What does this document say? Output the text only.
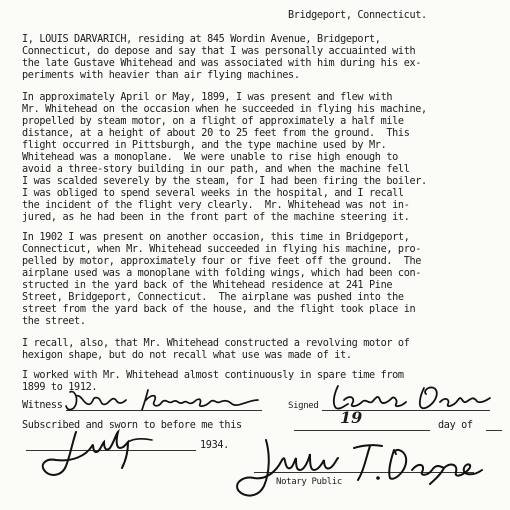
Bridgeport, Connecticut.
I, LOUIS DARVARICH, residing at 845 Wordin Avenue, Bridgeport,
Connecticut, do depose and say that I was personally accuainted with
the late Gustave Whitehead and was associated with him during his ex-
periments with heavier than air flying machines.
In approximately April or May, 1899, I was present and flew with
Mr. Whitehead on the occasion when he succeeded in flying his machine,
propelled by steam motor, on a flight of approximately a half mile
distance, at a height of about 20 to 25 feet from the ground.  This
flight occurred in Pittsburgh, and the type machine used by Mr.
Whitehead was a monoplane.  We were unable to rise high enough to
avoid a three-story building in our path, and when the machine fell
I was scalded severely by the steam, for I had been firing the boiler.
I was obliged to spend several weeks in the hospital, and I recall
the incident of the flight very clearly.  Mr. Whitehead was not in-
jured, as he had been in the front part of the machine steering it.
In 1902 I was present on another occasion, this time in Bridgeport,
Connecticut, when Mr. Whitehead succeeded in flying his machine, pro-
pelled by motor, approximately four or five feet off the ground.  The
airplane used was a monoplane with folding wings, which had been con-
structed in the yard back of the Whitehead residence at 241 Pine
Street, Bridgeport, Connecticut.  The airplane was pushed into the
street from the yard back of the house, and the flight took place in
the street.
I recall, also, that Mr. Whitehead constructed a revolving motor of
hexigon shape, but do not recall what use was made of it.
I worked with Mr. Whitehead almost continuously in spare time from
1899 to 1912.
Witness	Signed
Subscribed and sworn to before me this	19	day of
1934.
Notary Public
